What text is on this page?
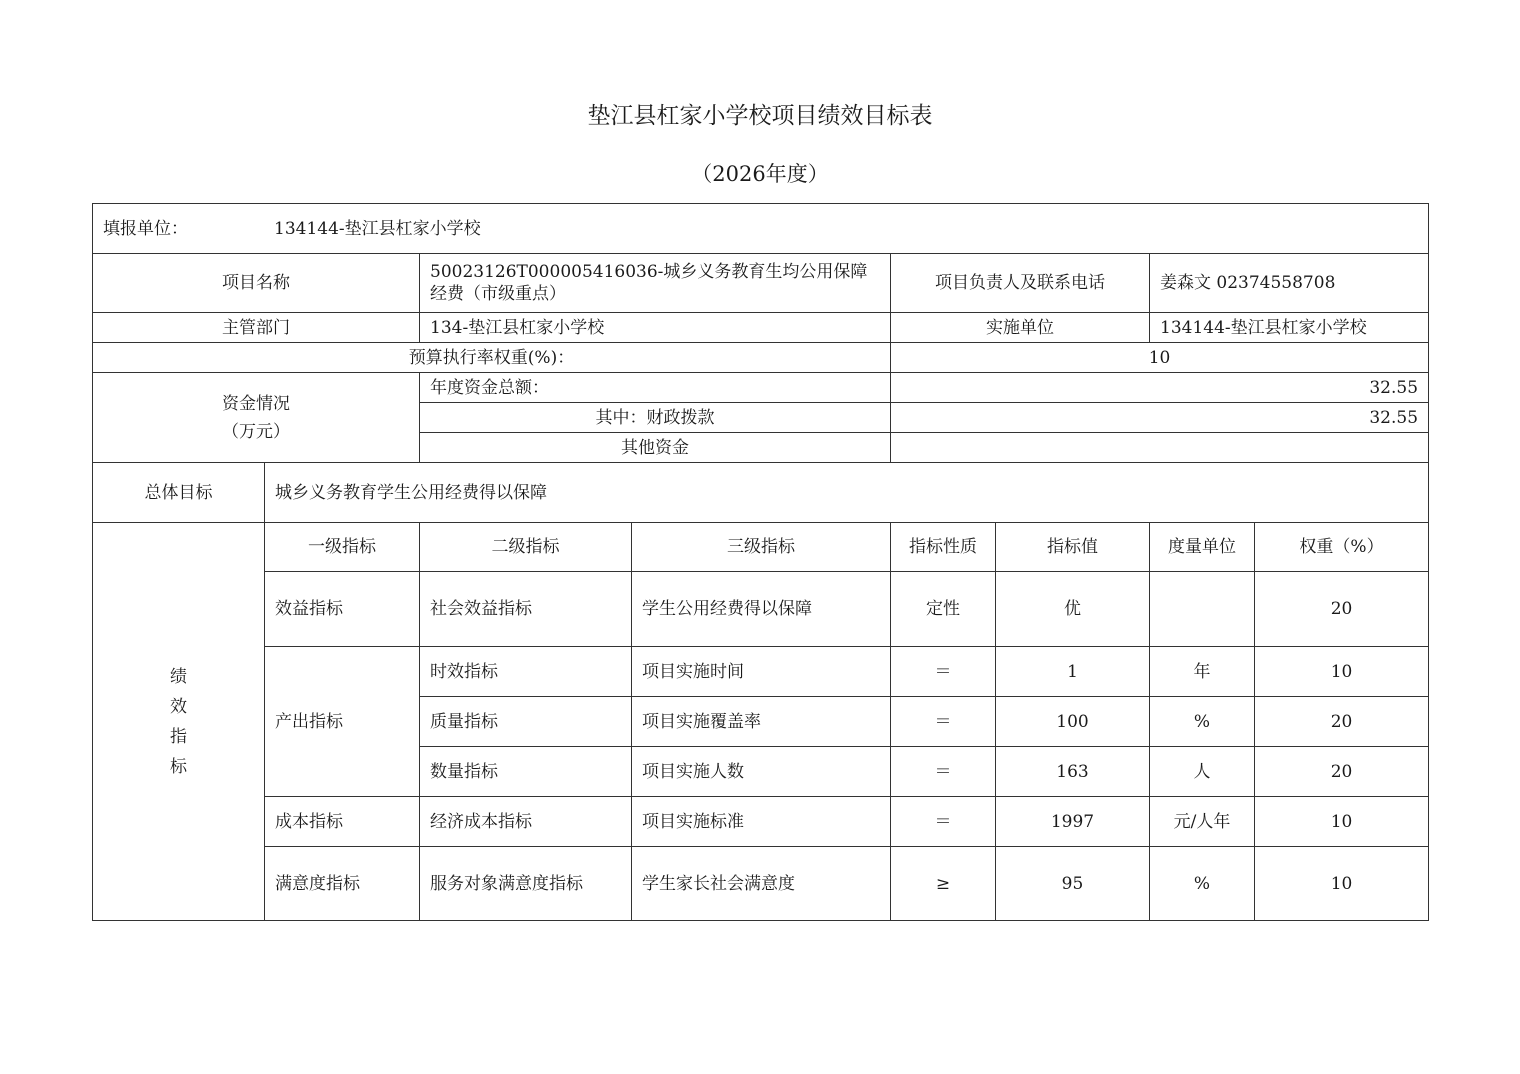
垫江县杠家小学校项目绩效目标表
（2026年度）
填报单位： 134144-垫江县杠家小学校							
项目名称		50023126T000005416036-城乡义务教育生均公用保障经费（市级重点）		项目负责人及联系电话		姜森文 02374558708	
主管部门		134-垫江县杠家小学校		实施单位		134144-垫江县杠家小学校	
预算执行率权重(%)：				10			

资金情况
（万元）		年度资金总额：		32.55			
		其中：财政拨款		32.55			
		其他资金					
总体目标	城乡义务教育学生公用经费得以保障						
绩效指标	一级指标	二级指标	三级指标	指标性质	指标值	度量单位	权重（%）
	效益指标	社会效益指标	学生公用经费得以保障	定性	优		20
	产出指标	时效指标	项目实施时间	＝	1	年	10
		质量指标	项目实施覆盖率	＝	100	%	20
		数量指标	项目实施人数	＝	163	人	20
	成本指标	经济成本指标	项目实施标准	＝	1997	元/人年	10
	满意度指标	服务对象满意度指标	学生家长社会满意度	≥	95	%	10
